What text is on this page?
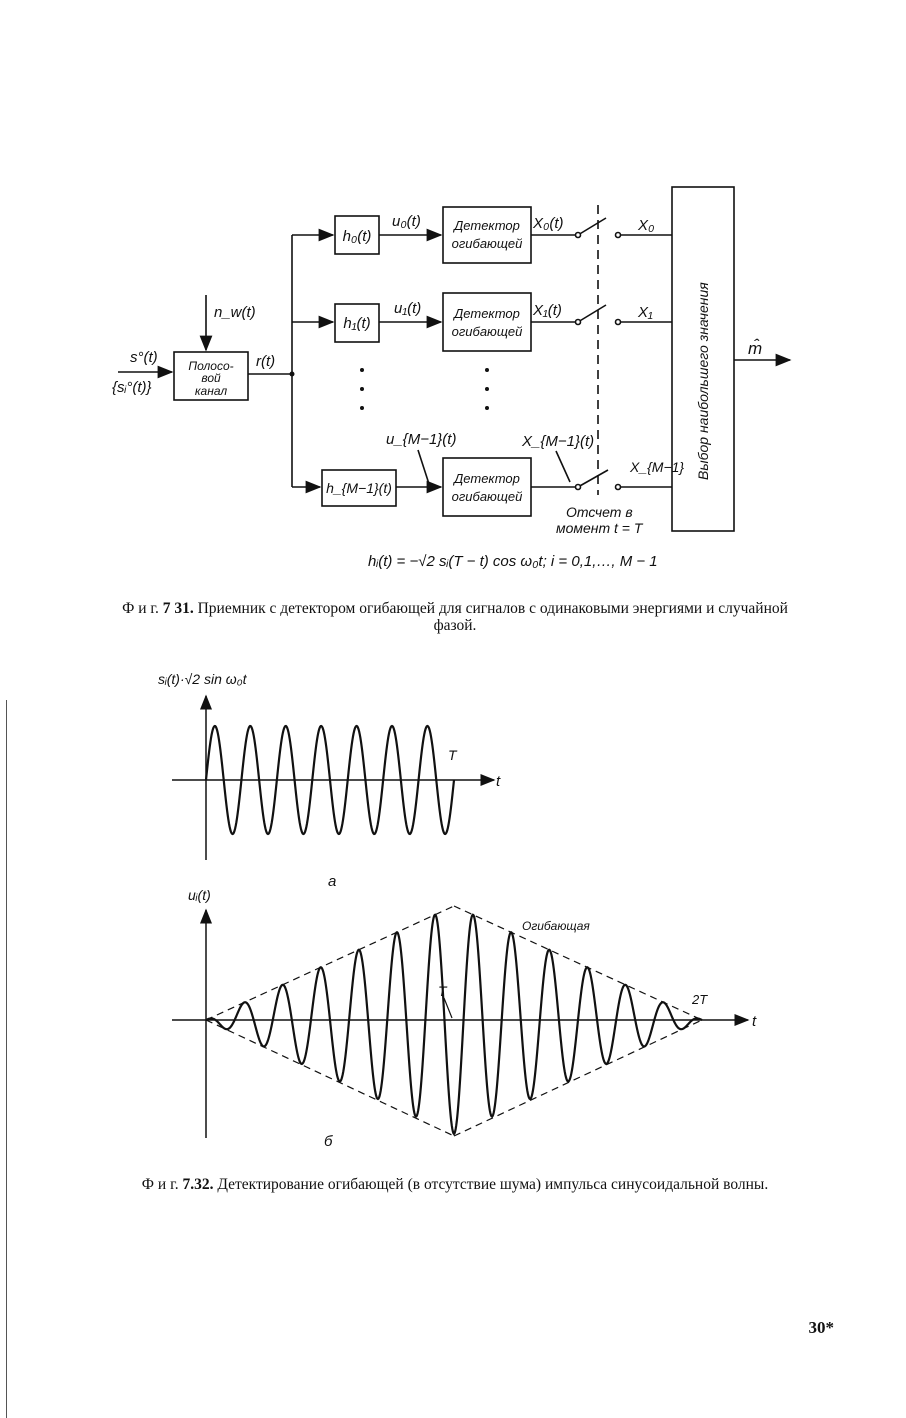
s°(t)
{sᵢ°(t)}
n_w(t)
Полосо-
вой
канал
r(t)
h₀(t)
h₁(t)
h_{M−1}(t)
u₀(t)
u₁(t)
u_{M−1}(t)
Детектор
огибающей
Детектор
огибающей
Детектор
огибающей
X₀(t)
X₁(t)
X_{M−1}(t)
X₀
X₁
X_{M−1}
Отсчет в
момент t = T
Выбор наибольшего значения m̂
hᵢ(t) = −√2 sᵢ(T − t) cos ω₀t; i = 0,1,…, M − 1
Ф и г. 7 31. Приемник с детектором огибающей для сигналов с одинаковыми энергиями и случайной фазой.
sᵢ(t)·√2 sin ω₀t
t
T
а
uᵢ(t)
t
T
2T
Огибающая
б
Ф и г. 7.32. Детектирование огибающей (в отсутствие шума) импульса синусоидальной волны.
30*
